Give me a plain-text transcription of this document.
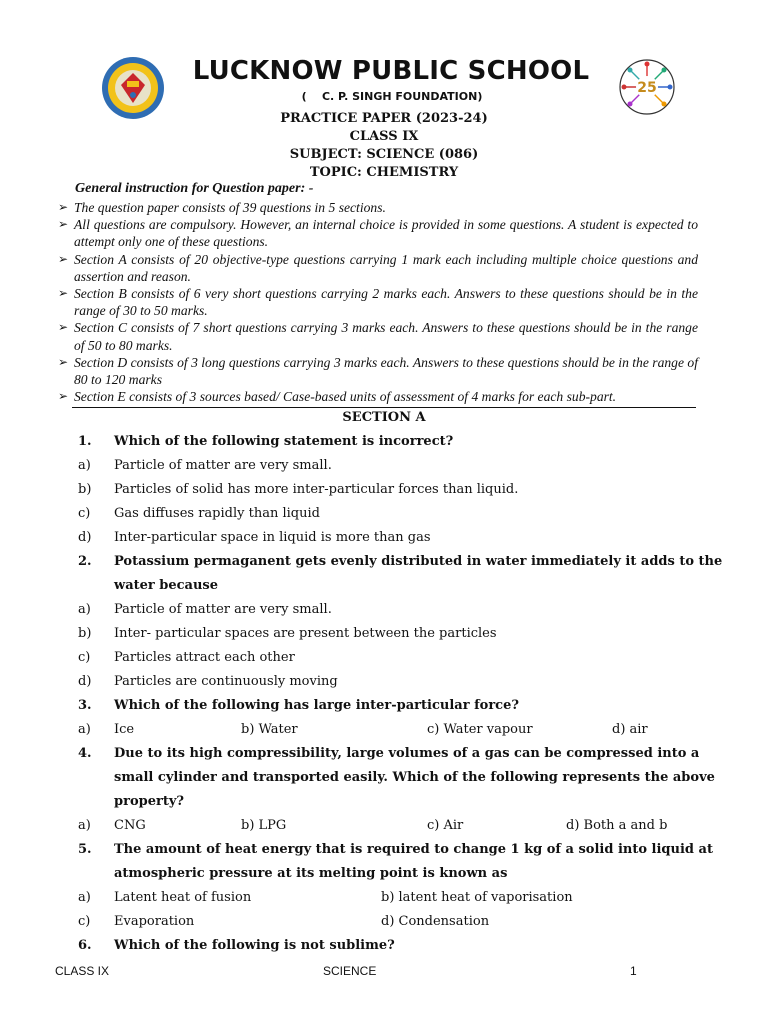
LUCKNOW PUBLIC SCHOOL
(    C. P. SINGH FOUNDATION)
25
PRACTICE PAPER (2023-24)
CLASS IX
SUBJECT: SCIENCE (086)
TOPIC: CHEMISTRY
General instruction for Question paper: -
➢ The question paper consists of 39 questions in 5 sections.
➢ All questions are compulsory. However, an internal choice is provided in some questions. A student is expected to attempt only one of these questions.
➢ Section A consists of 20 objective-type questions carrying 1 mark each including multiple choice questions and assertion and reason.
➢ Section B consists of 6 very short questions carrying 2 marks each. Answers to these questions should be in the range of 30 to 50 marks.
➢ Section C consists of 7 short questions carrying 3 marks each. Answers to these questions should be in the range of 50 to 80 marks.
➢ Section D consists of 3 long questions carrying 3 marks each. Answers to these questions should be in the range of 80 to 120 marks
➢ Section E consists of 3 sources based/ Case-based units of assessment of 4 marks for each sub-part.
SECTION A
1. Which of the following statement is incorrect?
a) Particle of matter are very small.
b) Particles of solid has more inter-particular forces than liquid.
c) Gas diffuses rapidly than liquid
d) Inter-particular space in liquid is more than gas
2. Potassium permaganent gets evenly distributed in water immediately it adds to the
water because
a) Particle of matter are very small.
b) Inter- particular spaces are present between the particles
c) Particles attract each other
d) Particles are continuously moving
3. Which of the following has large inter-particular force?
a) Ice	b) Water	c) Water vapour	d) air
4. Due to its high compressibility, large volumes of a gas can be compressed into a
small cylinder and transported easily. Which of the following represents the above
property?
a) CNG	b) LPG	c) Air	d) Both a and b
5. The amount of heat energy that is required to change 1 kg of a solid into liquid at
atmospheric pressure at its melting point is known as
a) Latent heat of fusion	b) latent heat of vaporisation
c) Evaporation	d) Condensation
6. Which of the following is not sublime?
CLASS IX	SCIENCE	1
